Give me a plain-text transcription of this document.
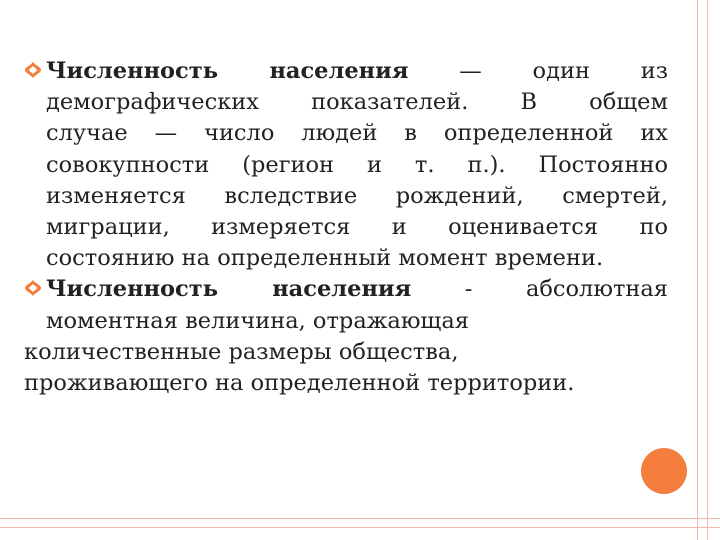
Численность населения — один из
демографических показателей. В общем
случае — число людей в определенной их
совокупности (регион и т. п.). Постоянно
изменяется вследствие рождений, смертей,
миграции, измеряется и оценивается по
состоянию на определенный момент времени.
Численность населения - абсолютная
моментная величина, отражающая
количественные размеры общества,
проживающего на определенной территории.
